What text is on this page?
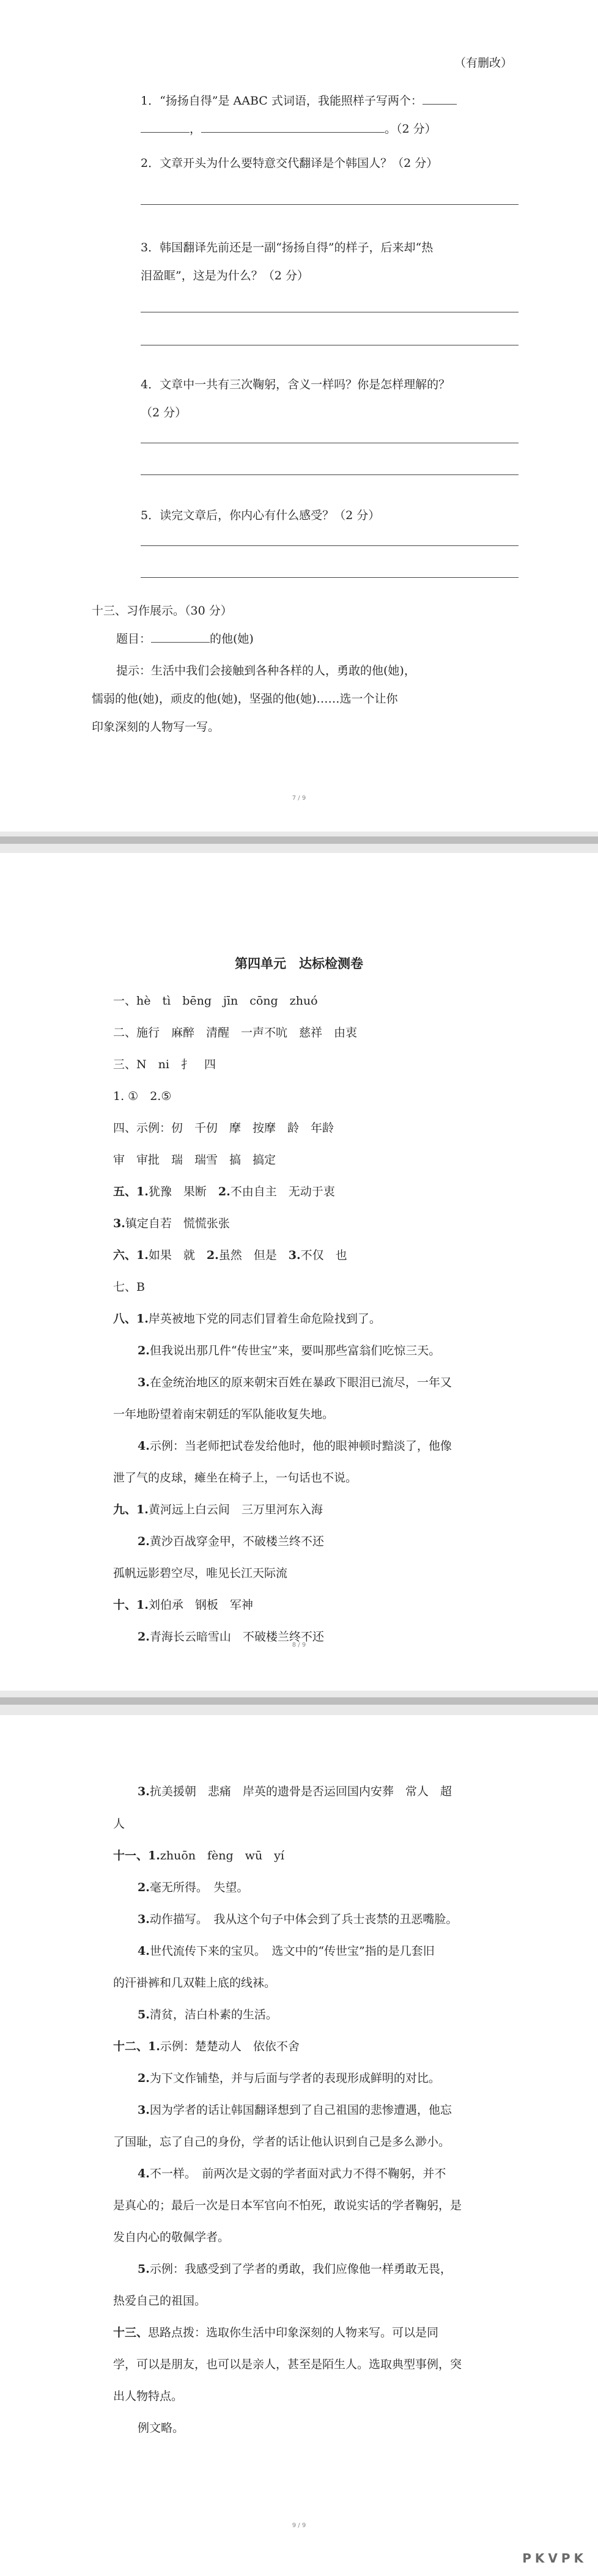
（有删改）
1．“扬扬自得”是 AABC 式词语，我能照样子写两个：
，	。（2 分）
2．文章开头为什么要特意交代翻译是个韩国人？（2 分）
3．韩国翻译先前还是一副“扬扬自得”的样子，后来却“热
泪盈眶”，这是为什么？（2 分）
4．文章中一共有三次鞠躬，含义一样吗？你是怎样理解的？
（2 分）
5．读完文章后，你内心有什么感受？（2 分）
十三、习作展示。（30 分）
题目：	的他(她)
提示：生活中我们会接触到各种各样的人，勇敢的他(她)，
懦弱的他(她)，顽皮的他(她)，坚强的他(她)……选一个让你
印象深刻的人物写一写。
7 / 9
8 / 9
第四单元　达标检测卷
一、hè　tì　bēng　jīn　cōng　zhuó
二、施行　麻醉　清醒　一声不吭　慈祥　由衷
三、N　ni　扌　四
1. ①　2.⑤
四、示例：仞　千仞　摩　按摩　龄　年龄
审　审批　瑞　瑞雪　搞　搞定
五、1.犹豫　果断　 2.不由自主　无动于衷
3.镇定自若　慌慌张张
六、1.如果　就　 2.虽然　但是　 3.不仅　也
七、B
八、1.岸英被地下党的同志们冒着生命危险找到了。
2.但我说出那几件“传世宝”来，要叫那些富翁们吃惊三天。
3.在金统治地区的原来朝宋百姓在暴政下眼泪已流尽，一年又
一年地盼望着南宋朝廷的军队能收复失地。
4.示例：当老师把试卷发给他时，他的眼神顿时黯淡了，他像
泄了气的皮球，瘫坐在椅子上，一句话也不说。
九、1.黄河远上白云间　三万里河东入海
2.黄沙百战穿金甲，不破楼兰终不还
孤帆远影碧空尽，唯见长江天际流
十、1.刘伯承　钢板　军神
2.青海长云暗雪山　不破楼兰终不还
9 / 9
3.抗美援朝　悲痛　岸英的遗骨是否运回国内安葬　常人　超
人
十一、1.zhuōn　fèng　wū　yí
2.毫无所得。　失望。
3.动作描写。　我从这个句子中体会到了兵士丧禁的丑恶嘴脸。
4.世代流传下来的宝贝。　选文中的“传世宝”指的是几套旧
的汗褂裤和几双鞋上底的线袜。
5.清贫，洁白朴素的生活。
十二、1.示例：楚楚动人　依依不舍
2.为下文作铺垫，并与后面与学者的表现形成鲜明的对比。
3.因为学者的话让韩国翻译想到了自己祖国的悲惨遭遇，他忘
了国耻，忘了自己的身份，学者的话让他认识到自己是多么渺小。
4.不一样。　前两次是文弱的学者面对武力不得不鞠躬，并不
是真心的；最后一次是日本军官向不怕死，敢说实话的学者鞠躬，是
发自内心的敬佩学者。
5.示例：我感受到了学者的勇敢，我们应像他一样勇敢无畏，
热爱自己的祖国。
十三、思路点拨：选取你生活中印象深刻的人物来写。可以是同
学，可以是朋友，也可以是亲人，甚至是陌生人。选取典型事例，突
出人物特点。
例文略。
PKVPK
